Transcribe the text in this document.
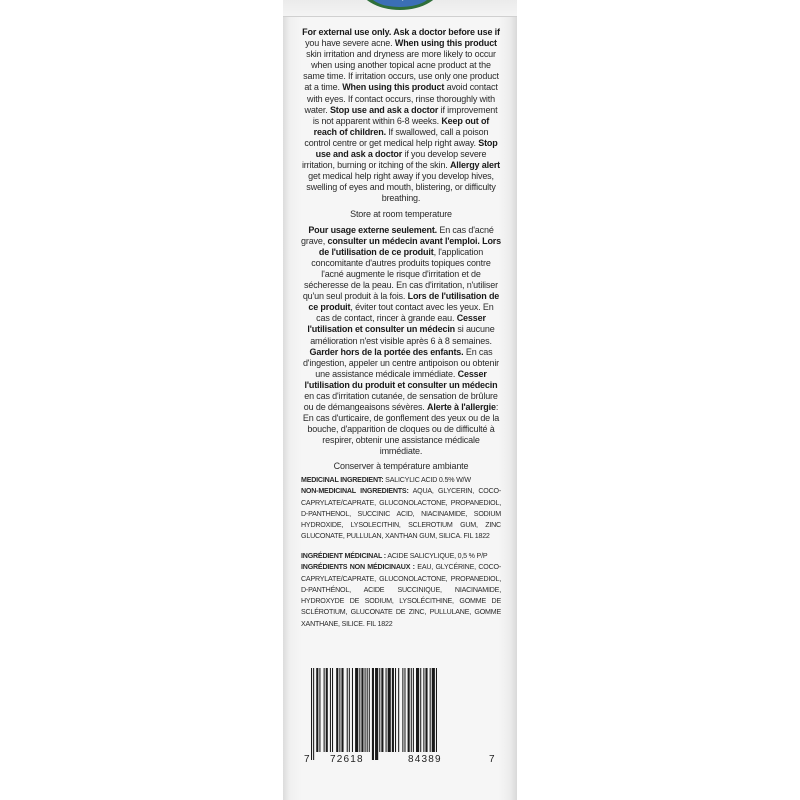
For external use only. Ask a doctor before use if you have severe acne. When using this product skin irritation and dryness are more likely to occur when using another topical acne product at the same time. If irritation occurs, use only one product at a time. When using this product avoid contact with eyes. If contact occurs, rinse thoroughly with water. Stop use and ask a doctor if improvement is not apparent within 6-8 weeks. Keep out of reach of children. If swallowed, call a poison control centre or get medical help right away. Stop use and ask a doctor if you develop severe irritation, burning or itching of the skin. Allergy alert get medical help right away if you develop hives, swelling of eyes and mouth, blistering, or difficulty breathing.
Store at room temperature
Pour usage externe seulement. En cas d'acné grave, consulter un médecin avant l'emploi. Lors de l'utilisation de ce produit, l'application concomitante d'autres produits topiques contre l'acné augmente le risque d'irritation et de sécheresse de la peau. En cas d'irritation, n'utiliser qu'un seul produit à la fois. Lors de l'utilisation de ce produit, éviter tout contact avec les yeux. En cas de contact, rincer à grande eau. Cesser l'utilisation et consulter un médecin si aucune amélioration n'est visible après 6 à 8 semaines. Garder hors de la portée des enfants. En cas d'ingestion, appeler un centre antipoison ou obtenir une assistance médicale immédiate. Cesser l'utilisation du produit et consulter un médecin en cas d'irritation cutanée, de sensation de brûlure ou de démangeaisons sévères. Alerte à l'allergie: En cas d'urticaire, de gonflement des yeux ou de la bouche, d'apparition de cloques ou de difficulté à respirer, obtenir une assistance médicale immédiate.
Conserver à température ambiante
MEDICINAL INGREDIENT: SALICYLIC ACID 0.5% W/W
NON-MEDICINAL INGREDIENTS: AQUA, GLYCERIN, COCO-CAPRYLATE/CAPRATE, GLUCONOLACTONE, PROPANEDIOL, D-PANTHENOL, SUCCINIC ACID, NIACINAMIDE, SODIUM HYDROXIDE, LYSOLECITHIN, SCLEROTIUM GUM, ZINC GLUCONATE, PULLULAN, XANTHAN GUM, SILICA. FIL 1822
INGRÉDIENT MÉDICINAL : ACIDE SALICYLIQUE, 0,5 % P/P
INGRÉDIENTS NON MÉDICINAUX : EAU, GLYCÉRINE, COCO-CAPRYLATE/CAPRATE, GLUCONOLACTONE, PROPANEDIOL, D-PANTHÉNOL, ACIDE SUCCINIQUE, NIACINAMIDE, HYDROXYDE DE SODIUM, LYSOLÉCITHINE, GOMME DE SCLÉROTIUM, GLUCONATE DE ZINC, PULLULANE, GOMME XANTHANE, SILICE. FIL 1822
7 72618	84389	7
